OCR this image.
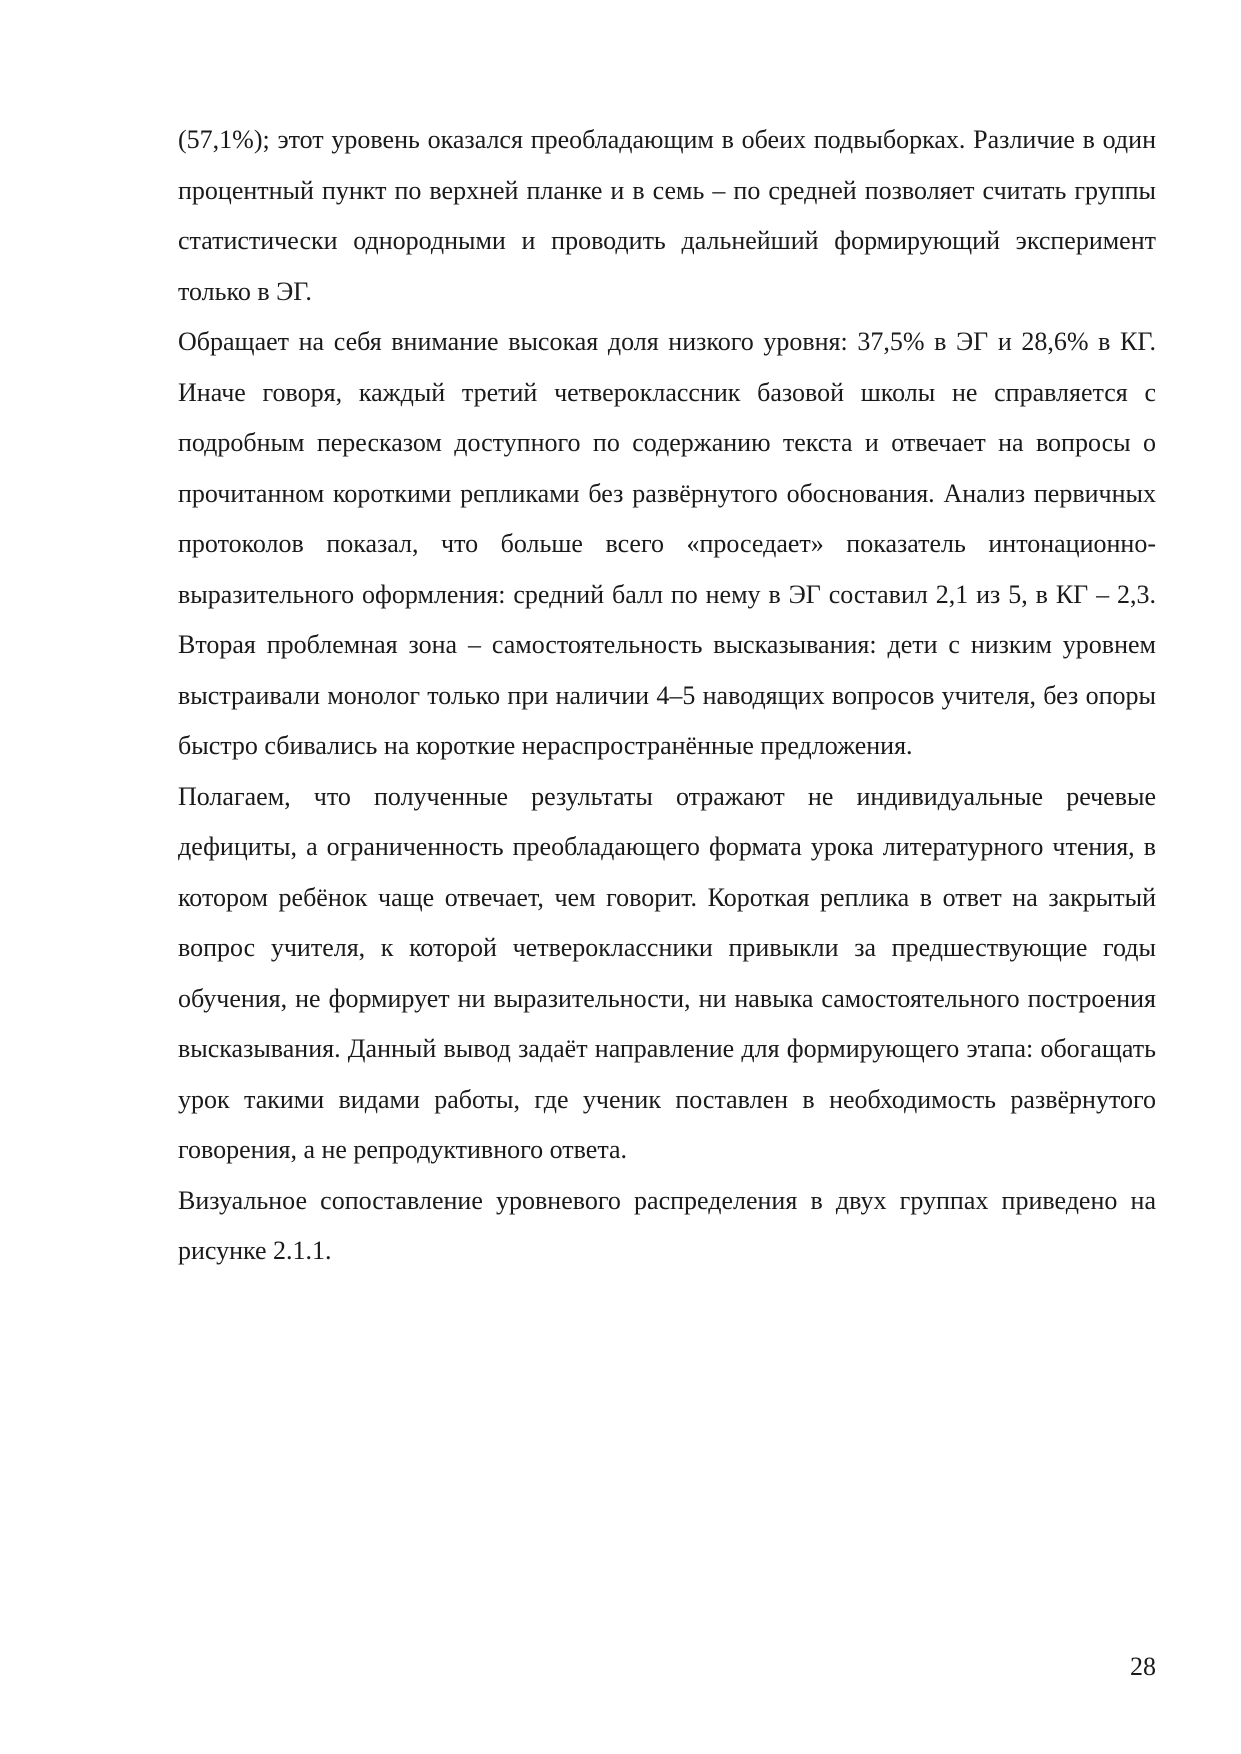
(57,1%); этот уровень оказался преобладающим в обеих подвыборках. Различие в один процентный пункт по верхней планке и в семь – по средней позволяет считать группы статистически однородными и проводить дальнейший формирующий эксперимент только в ЭГ.

Обращает на себя внимание высокая доля низкого уровня: 37,5% в ЭГ и 28,6% в КГ. Иначе говоря, каждый третий четвероклассник базовой школы не справляется с подробным пересказом доступного по содержанию текста и отвечает на вопросы о прочитанном короткими репликами без развёрнутого обоснования. Анализ первичных протоколов показал, что больше всего «проседает» показатель интонационно-выразительного оформления: средний балл по нему в ЭГ составил 2,1 из 5, в КГ – 2,3. Вторая проблемная зона – самостоятельность высказывания: дети с низким уровнем выстраивали монолог только при наличии 4–5 наводящих вопросов учителя, без опоры быстро сбивались на короткие нераспространённые предложения.

Полагаем, что полученные результаты отражают не индивидуальные речевые дефициты, а ограниченность преобладающего формата урока литературного чтения, в котором ребёнок чаще отвечает, чем говорит. Короткая реплика в ответ на закрытый вопрос учителя, к которой четвероклассники привыкли за предшествующие годы обучения, не формирует ни выразительности, ни навыка самостоятельного построения высказывания. Данный вывод задаёт направление для формирующего этапа: обогащать урок такими видами работы, где ученик поставлен в необходимость развёрнутого говорения, а не репродуктивного ответа.

Визуальное сопоставление уровневого распределения в двух группах приведено на рисунке 2.1.1.

28
